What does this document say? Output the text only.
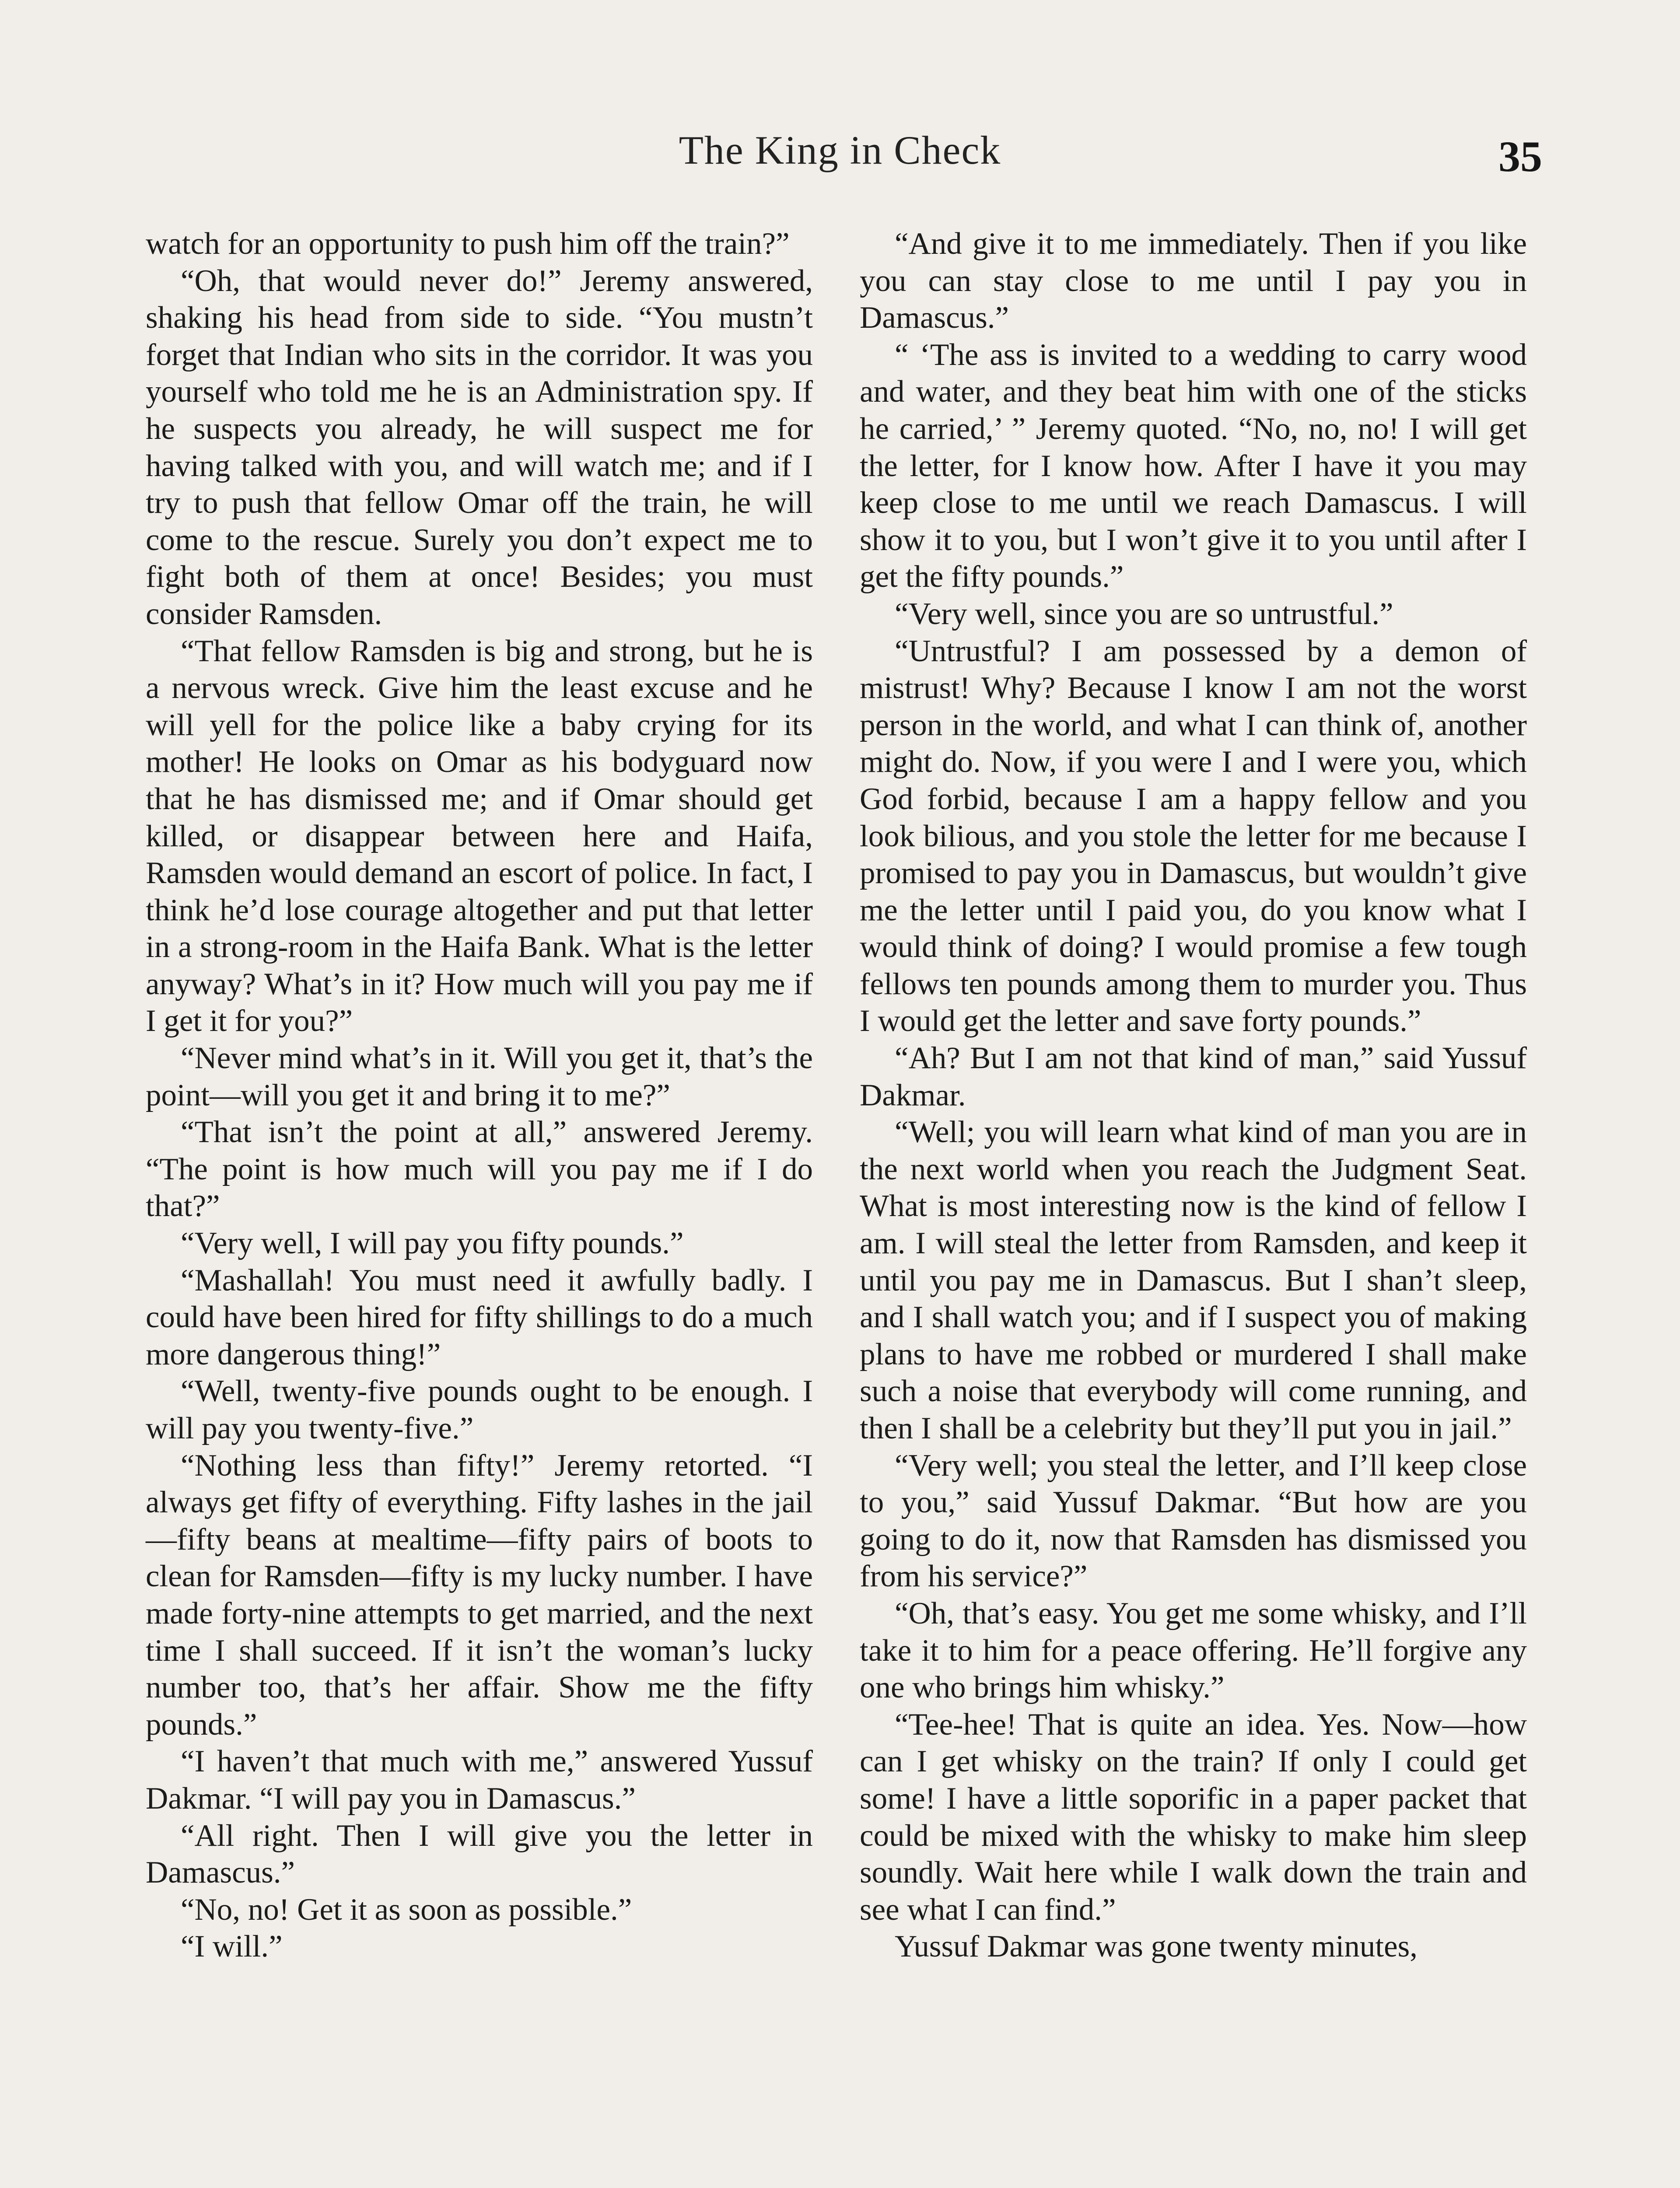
The King in Check	35

watch for an opportunity to push him off the train?”

“Oh, that would never do!” Jeremy answered, shaking his head from side to side. “You mustn’t forget that Indian who sits in the corridor. It was you yourself who told me he is an Administration spy. If he suspects you already, he will suspect me for having talked with you, and will watch me; and if I try to push that fellow Omar off the train, he will come to the rescue. Surely you don’t expect me to fight both of them at once! Besides; you must consider Ramsden.

“That fellow Ramsden is big and strong, but he is a nervous wreck. Give him the least excuse and he will yell for the police like a baby crying for its mother! He looks on Omar as his bodyguard now that he has dismissed me; and if Omar should get killed, or disappear between here and Haifa, Ramsden would demand an escort of police. In fact, I think he’d lose courage altogether and put that letter in a strong-room in the Haifa Bank. What is the letter anyway? What’s in it? How much will you pay me if I get it for you?”

“Never mind what’s in it. Will you get it, that’s the point—will you get it and bring it to me?”

“That isn’t the point at all,” answered Jeremy. “The point is how much will you pay me if I do that?”

“Very well, I will pay you fifty pounds.”

“Mashallah! You must need it awfully badly. I could have been hired for fifty shillings to do a much more dangerous thing!”

“Well, twenty-five pounds ought to be enough. I will pay you twenty-five.”

“Nothing less than fifty!” Jeremy retorted. “I always get fifty of everything. Fifty lashes in the jail—fifty beans at mealtime—fifty pairs of boots to clean for Ramsden—fifty is my lucky number. I have made forty-nine attempts to get married, and the next time I shall succeed. If it isn’t the woman’s lucky number too, that’s her affair. Show me the fifty pounds.”

“I haven’t that much with me,” answered Yussuf Dakmar. “I will pay you in Damascus.”

“All right. Then I will give you the letter in Damascus.”

“No, no! Get it as soon as possible.”

“I will.”

“And give it to me immediately. Then if you like you can stay close to me until I pay you in Damascus.”

“ ‘The ass is invited to a wedding to carry wood and water, and they beat him with one of the sticks he carried,’ ” Jeremy quoted. “No, no, no! I will get the letter, for I know how. After I have it you may keep close to me until we reach Damascus. I will show it to you, but I won’t give it to you until after I get the fifty pounds.”

“Very well, since you are so untrustful.”

“Untrustful? I am possessed by a demon of mistrust! Why? Because I know I am not the worst person in the world, and what I can think of, another might do. Now, if you were I and I were you, which God forbid, because I am a happy fellow and you look bilious, and you stole the letter for me because I promised to pay you in Damascus, but wouldn’t give me the letter until I paid you, do you know what I would think of doing? I would promise a few tough fellows ten pounds among them to murder you. Thus I would get the letter and save forty pounds.”

“Ah? But I am not that kind of man,” said Yussuf Dakmar.

“Well; you will learn what kind of man you are in the next world when you reach the Judgment Seat. What is most interesting now is the kind of fellow I am. I will steal the letter from Ramsden, and keep it until you pay me in Damascus. But I shan’t sleep, and I shall watch you; and if I suspect you of making plans to have me robbed or murdered I shall make such a noise that everybody will come running, and then I shall be a celebrity but they’ll put you in jail.”

“Very well; you steal the letter, and I’ll keep close to you,” said Yussuf Dakmar. “But how are you going to do it, now that Ramsden has dismissed you from his service?”

“Oh, that’s easy. You get me some whisky, and I’ll take it to him for a peace offering. He’ll forgive any one who brings him whisky.”

“Tee-hee! That is quite an idea. Yes. Now—how can I get whisky on the train? If only I could get some! I have a little soporific in a paper packet that could be mixed with the whisky to make him sleep soundly. Wait here while I walk down the train and see what I can find.”

Yussuf Dakmar was gone twenty minutes,
